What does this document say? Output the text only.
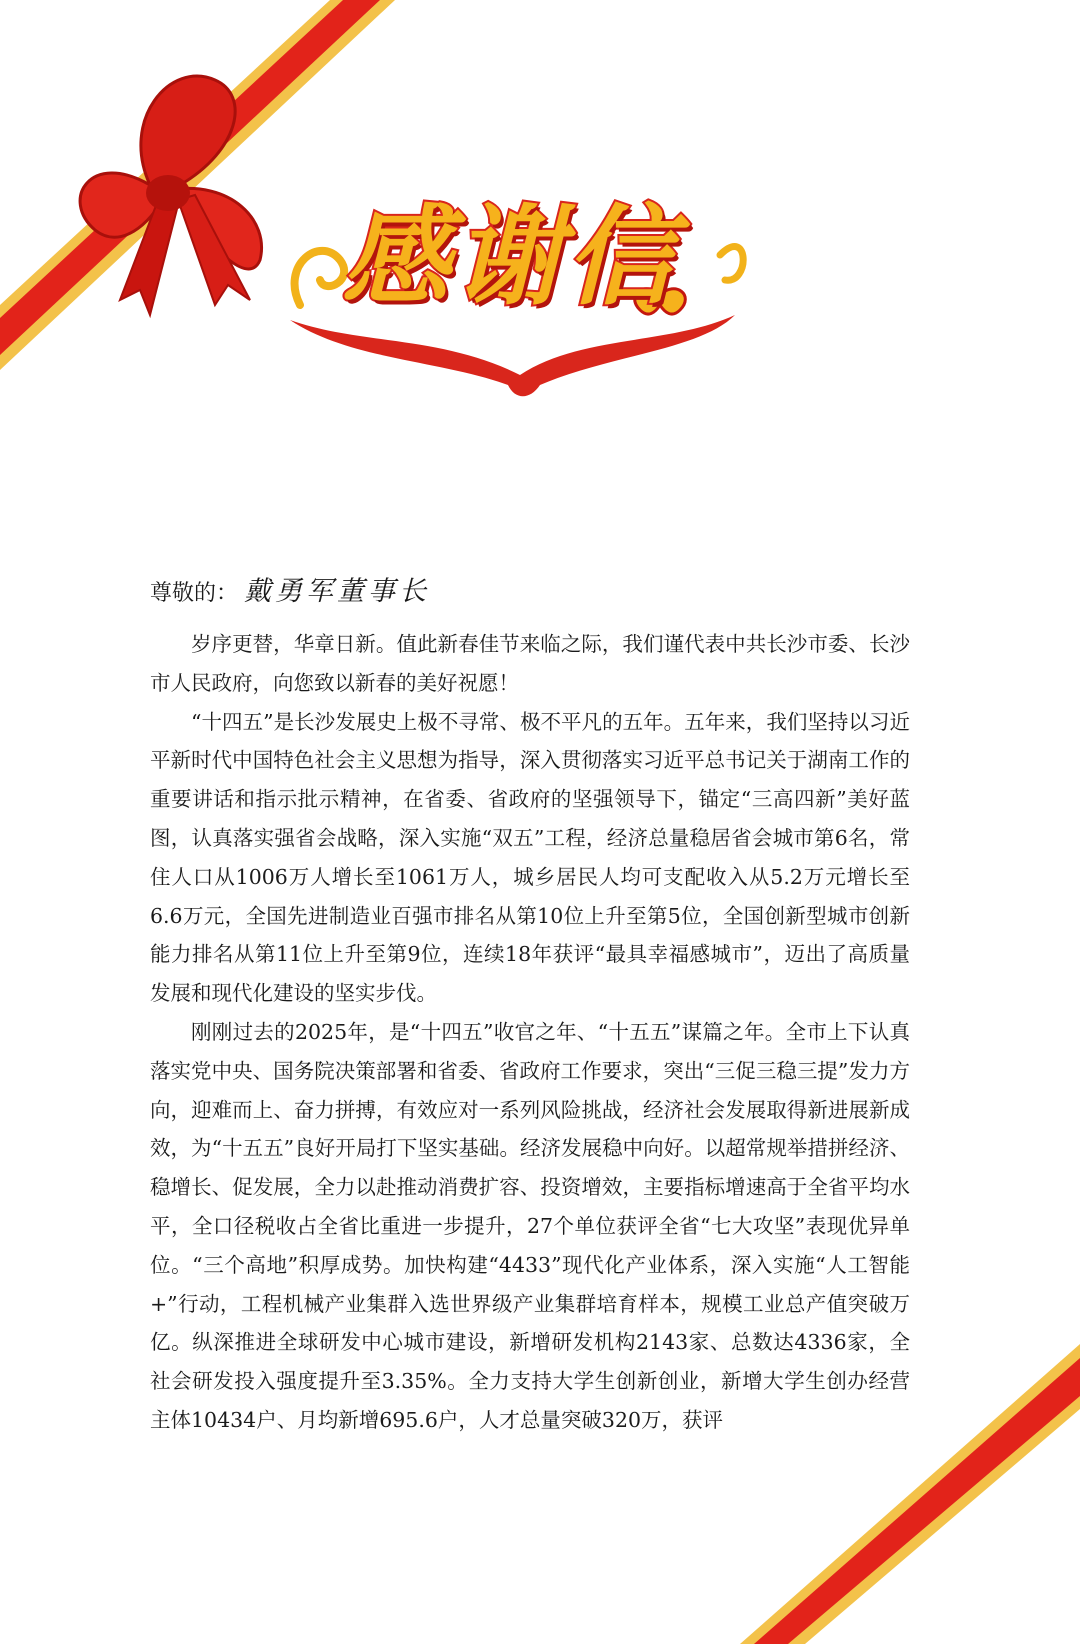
感谢信
尊敬的： 戴勇军董事长

岁序更替，华章日新。值此新春佳节来临之际，我们谨代表中共长沙市委、长沙市人民政府，向您致以新春的美好祝愿！

“十四五”是长沙发展史上极不寻常、极不平凡的五年。五年来，我们坚持以习近平新时代中国特色社会主义思想为指导，深入贯彻落实习近平总书记关于湖南工作的重要讲话和指示批示精神，在省委、省政府的坚强领导下，锚定“三高四新”美好蓝图，认真落实强省会战略，深入实施“双五”工程，经济总量稳居省会城市第6名，常住人口从1006万人增长至1061万人，城乡居民人均可支配收入从5.2万元增长至6.6万元，全国先进制造业百强市排名从第10位上升至第5位，全国创新型城市创新能力排名从第11位上升至第9位，连续18年获评“最具幸福感城市”，迈出了高质量发展和现代化建设的坚实步伐。

刚刚过去的2025年，是“十四五”收官之年、“十五五”谋篇之年。全市上下认真落实党中央、国务院决策部署和省委、省政府工作要求，突出“三促三稳三提”发力方向，迎难而上、奋力拼搏，有效应对一系列风险挑战，经济社会发展取得新进展新成效，为“十五五”良好开局打下坚实基础。经济发展稳中向好。以超常规举措拼经济、稳增长、促发展，全力以赴推动消费扩容、投资增效，主要指标增速高于全省平均水平，全口径税收占全省比重进一步提升，27个单位获评全省“七大攻坚”表现优异单位。“三个高地”积厚成势。加快构建“4433”现代化产业体系，深入实施“人工智能+”行动，工程机械产业集群入选世界级产业集群培育样本，规模工业总产值突破万亿。纵深推进全球研发中心城市建设，新增研发机构2143家、总数达4336家，全社会研发投入强度提升至3.35%。全力支持大学生创新创业，新增大学生创办经营主体10434户、月均新增695.6户，人才总量突破320万，获评
